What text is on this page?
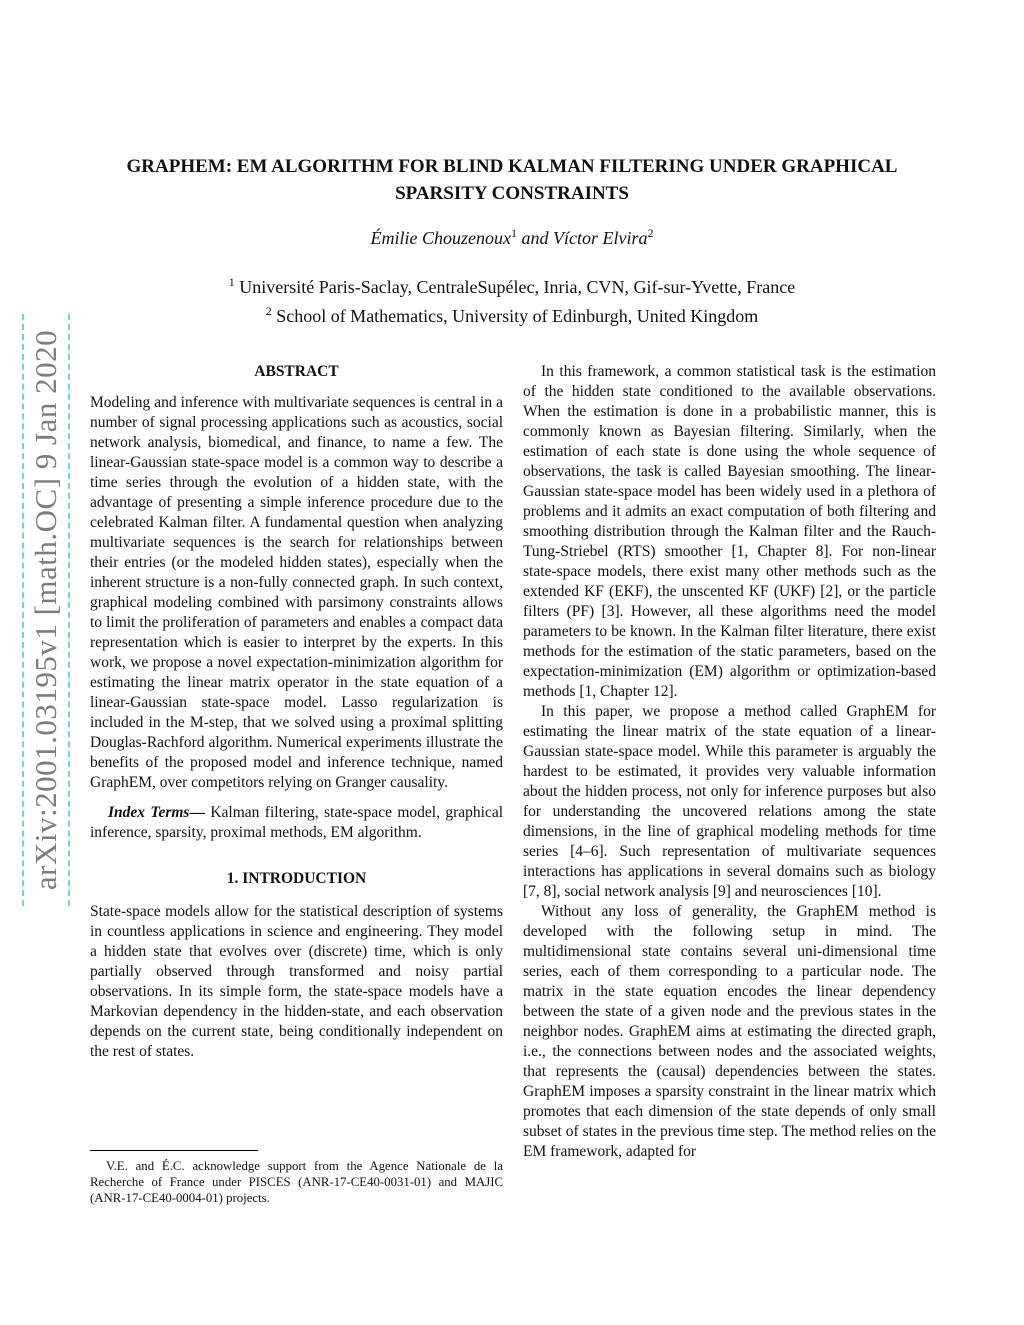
arXiv:2001.03195v1 [math.OC] 9 Jan 2020
GRAPHEM: EM ALGORITHM FOR BLIND KALMAN FILTERING UNDER GRAPHICAL
SPARSITY CONSTRAINTS
Émilie Chouzenoux$^1$ and Víctor Elvira$^2$
$^1$ Université Paris-Saclay, CentraleSupélec, Inria, CVN, Gif-sur-Yvette, France
$^2$ School of Mathematics, University of Edinburgh, United Kingdom
ABSTRACT

Modeling and inference with multivariate sequences is central in a number of signal processing applications such as acoustics, social network analysis, biomedical, and finance, to name a few. The linear-Gaussian state-space model is a common way to describe a time series through the evolution of a hidden state, with the advantage of presenting a simple inference procedure due to the celebrated Kalman filter. A fundamental question when analyzing multivariate sequences is the search for relationships between their entries (or the modeled hidden states), especially when the inherent structure is a non-fully connected graph. In such context, graphical modeling combined with parsimony constraints allows to limit the proliferation of parameters and enables a compact data representation which is easier to interpret by the experts. In this work, we propose a novel expectation-minimization algorithm for estimating the linear matrix operator in the state equation of a linear-Gaussian state-space model. Lasso regularization is included in the M-step, that we solved using a proximal splitting Douglas-Rachford algorithm. Numerical experiments illustrate the benefits of the proposed model and inference technique, named GraphEM, over competitors relying on Granger causality.

Index Terms— Kalman filtering, state-space model, graphical inference, sparsity, proximal methods, EM algorithm.

1. INTRODUCTION

State-space models allow for the statistical description of systems in countless applications in science and engineering. They model a hidden state that evolves over (discrete) time, which is only partially observed through transformed and noisy partial observations. In its simple form, the state-space models have a Markovian dependency in the hidden-state, and each observation depends on the current state, being conditionally independent on the rest of states.

In this framework, a common statistical task is the estimation of the hidden state conditioned to the available observations. When the estimation is done in a probabilistic manner, this is commonly known as Bayesian filtering. Similarly, when the estimation of each state is done using the whole sequence of observations, the task is called Bayesian smoothing. The linear-Gaussian state-space model has been widely used in a plethora of problems and it admits an exact computation of both filtering and smoothing distribution through the Kalman filter and the Rauch-Tung-Striebel (RTS) smoother [1, Chapter 8]. For non-linear state-space models, there exist many other methods such as the extended KF (EKF), the unscented KF (UKF) [2], or the particle filters (PF) [3]. However, all these algorithms need the model parameters to be known. In the Kalman filter literature, there exist methods for the estimation of the static parameters, based on the expectation-minimization (EM) algorithm or optimization-based methods [1, Chapter 12].

In this paper, we propose a method called GraphEM for estimating the linear matrix of the state equation of a linear-Gaussian state-space model. While this parameter is arguably the hardest to be estimated, it provides very valuable information about the hidden process, not only for inference purposes but also for understanding the uncovered relations among the state dimensions, in the line of graphical modeling methods for time series [4–6]. Such representation of multivariate sequences interactions has applications in several domains such as biology [7, 8], social network analysis [9] and neurosciences [10].

Without any loss of generality, the GraphEM method is developed with the following setup in mind. The multidimensional state contains several uni-dimensional time series, each of them corresponding to a particular node. The matrix in the state equation encodes the linear dependency between the state of a given node and the previous states in the neighbor nodes. GraphEM aims at estimating the directed graph, i.e., the connections between nodes and the associated weights, that represents the (causal) dependencies between the states. GraphEM imposes a sparsity constraint in the linear matrix which promotes that each dimension of the state depends of only small subset of states in the previous time step. The method relies on the EM framework, adapted for

V.E. and É.C. acknowledge support from the Agence Nationale de la Recherche of France under PISCES (ANR-17-CE40-0031-01) and MAJIC (ANR-17-CE40-0004-01) projects.
